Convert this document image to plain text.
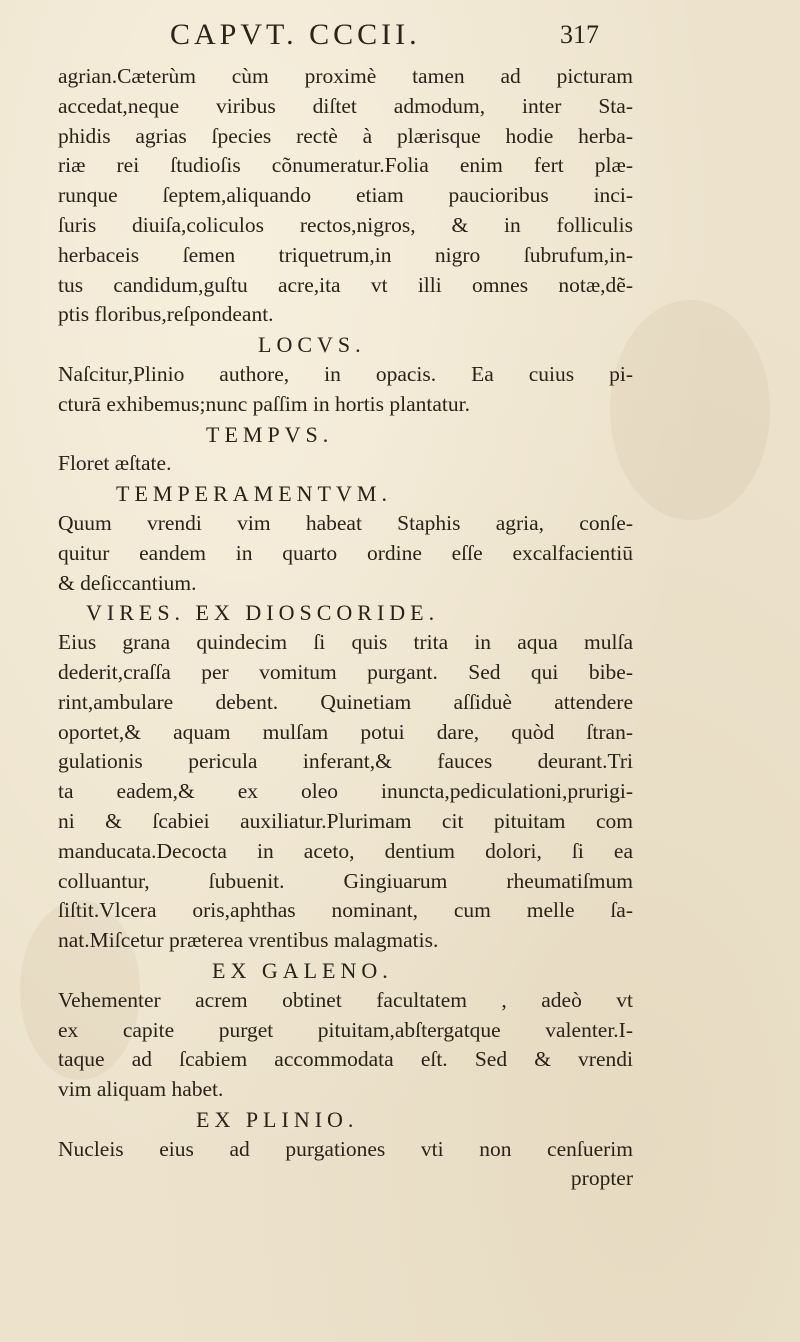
CAPVT. CCCII.	317
agrian.Cæterùm cùm proximè tamen ad picturam
accedat,neque viribus diſtet admodum, inter Sta-
phidis agrias ſpecies rectè à plærisque hodie herba-
riæ rei ſtudioſis cõnumeratur.Folia enim fert plæ-
runque ſeptem,aliquando etiam paucioribus inci-
ſuris diuiſa,coliculos rectos,nigros, & in folliculis
herbaceis ſemen triquetrum,in nigro ſubrufum,in-
tus candidum,guſtu acre,ita vt illi omnes notæ,dẽ-
ptis floribus,reſpondeant.
LOCVS.
Naſcitur,Plinio authore, in opacis. Ea cuius pi-
cturā exhibemus;nunc paſſim in hortis plantatur.
TEMPVS.
Floret æſtate.
TEMPERAMENTVM.
Quum vrendi vim habeat Staphis agria, conſe-
quitur eandem in quarto ordine eſſe excalfacientiū
& deſiccantium.
VIRES. EX DIOSCORIDE.
Eius grana quindecim ſi quis trita in aqua mulſa
dederit,craſſa per vomitum purgant. Sed qui bibe-
rint,ambulare debent. Quinetiam aſſiduè attendere
oportet,& aquam mulſam potui dare, quòd ſtran-
gulationis pericula inferant,& fauces deurant.Tri
ta eadem,& ex oleo inuncta,pediculationi,prurigi-
ni & ſcabiei auxiliatur.Plurimam cit pituitam com
manducata.Decocta in aceto, dentium dolori, ſi ea
colluantur, ſubuenit. Gingiuarum rheumatiſmum
ſiſtit.Vlcera oris,aphthas nominant, cum melle ſa-
nat.Miſcetur præterea vrentibus malagmatis.
EX GALENO.
Vehementer acrem obtinet facultatem , adeò vt
ex capite purget pituitam,abſtergatque valenter.I-
taque ad ſcabiem accommodata eſt. Sed & vrendi
vim aliquam habet.
EX PLINIO.
Nucleis eius ad purgationes vti non cenſuerim
propter
